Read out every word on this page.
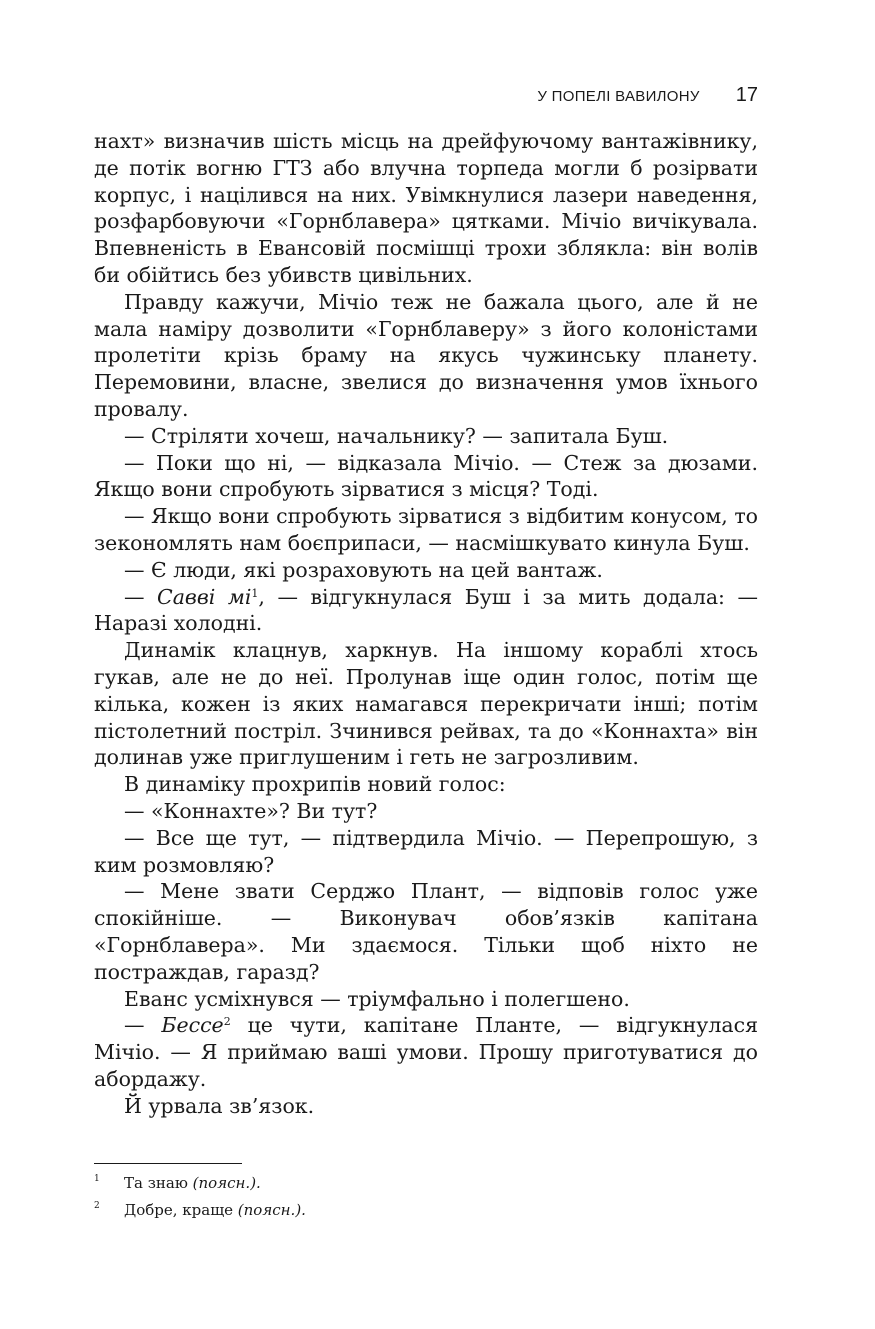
У ПОПЕЛІ ВАВИЛОНУ 17

нахт» визначив шість місць на дрейфуючому вантажівнику, де потік вогню ГТЗ або влучна торпеда могли б розірвати корпус, і націлився на них. Увімкнулися лазери наведення, розфарбовуючи «Горнблавера» цятками. Мічіо вичікувала. Впевненість в Евансовій посмішці трохи зблякла: він волів би обійтись без убивств цивільних.

Правду кажучи, Мічіо теж не бажала цього, але й не мала наміру дозволити «Горнблаверу» з його колоністами пролетіти крізь браму на якусь чужинську планету. Перемовини, власне, звелися до визначення умов їхнього провалу.

— Стріляти хочеш, начальнику? — запитала Буш.

— Поки що ні, — відказала Мічіо. — Стеж за дюзами. Якщо вони спробують зірватися з місця? Тоді.

— Якщо вони спробують зірватися з відбитим конусом, то зекономлять нам боєприпаси, — насмішкувато кинула Буш.

— Є люди, які розраховують на цей вантаж.

— Савві $мі^1$, — відгукнулася Буш і за мить додала: — Наразі холодні.

Динамік клацнув, харкнув. На іншому кораблі хтось гукав, але не до неї. Пролунав іще один голос, потім ще кілька, кожен із яких намагався перекричати інші; потім пістолетний постріл. Зчинився рейвах, та до «Коннахта» він долинав уже приглушеним і геть не загрозливим.

В динаміку прохрипів новий голос:

— «Коннахте»? Ви тут?

— Все ще тут, — підтвердила Мічіо. — Перепрошую, з ким розмовляю?

— Мене звати Серджо Плант, — відповів голос уже спокійніше. — Виконувач обов’язків капітана «Горнблавера». Ми здаємося. Тільки щоб ніхто не постраждав, гаразд?

Еванс усміхнувся — тріумфально і полегшено.

— Бессе$^2$ це чути, капітане Планте, — відгукнулася Мічіо. — Я приймаю ваші умови. Прошу приготуватися до абордажу.

Й урвала зв’язок.

1	Та знаю (поясн.).
2	Добре, краще (поясн.).
